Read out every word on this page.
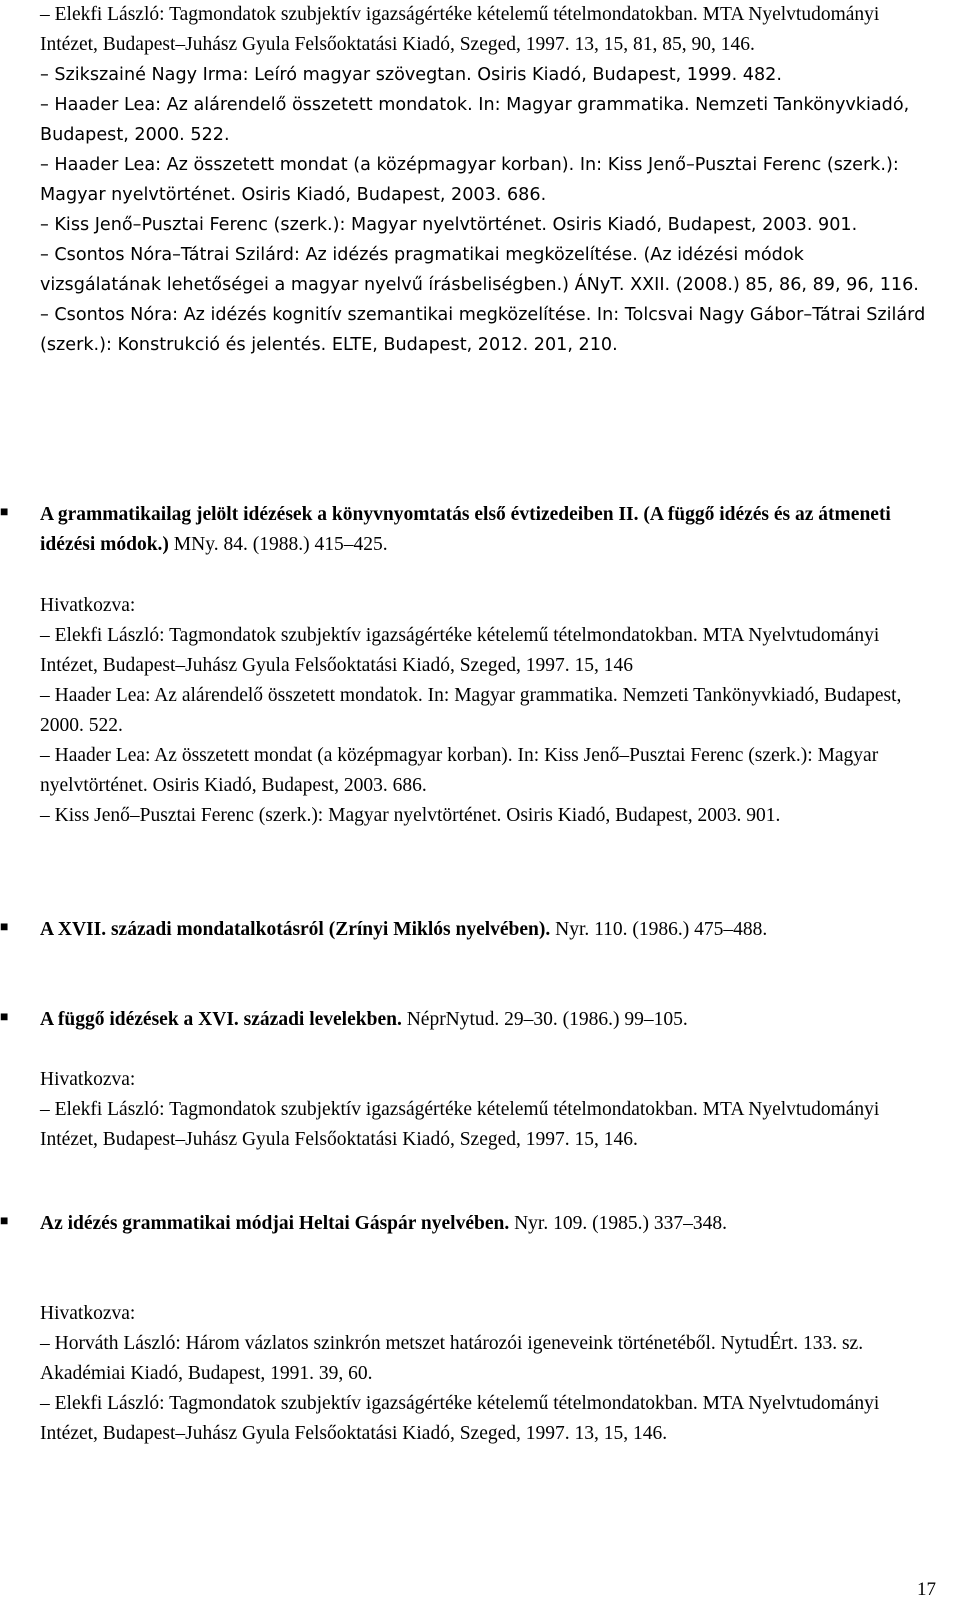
– Elekfi László: Tagmondatok szubjektív igazságértéke kételemű tételmondatokban. MTA Nyelvtudományi Intézet, Budapest–Juhász Gyula Felsőoktatási Kiadó, Szeged, 1997. 13, 15, 81, 85, 90, 146.

– Szikszainé Nagy Irma: Leíró magyar szövegtan. Osiris Kiadó, Budapest, 1999. 482.

– Haader Lea: Az alárendelő összetett mondatok. In: Magyar grammatika. Nemzeti Tankönyvkiadó, Budapest, 2000. 522.

– Haader Lea: Az összetett mondat (a középmagyar korban). In: Kiss Jenő–Pusztai Ferenc (szerk.): Magyar nyelvtörténet. Osiris Kiadó, Budapest, 2003. 686.

– Kiss Jenő–Pusztai Ferenc (szerk.): Magyar nyelvtörténet. Osiris Kiadó, Budapest, 2003. 901.

– Csontos Nóra–Tátrai Szilárd: Az idézés pragmatikai megközelítése. (Az idézési módok vizsgálatának lehetőségei a magyar nyelvű írásbeliségben.) ÁNyT. XXII. (2008.) 85, 86, 89, 96, 116.

– Csontos Nóra: Az idézés kognitív szemantikai megközelítése. In: Tolcsvai Nagy Gábor–Tátrai Szilárd (szerk.): Konstrukció és jelentés. ELTE, Budapest, 2012. 201, 210.

■ A grammatikailag jelölt idézések a könyvnyomtatás első évtizedeiben II. (A függő idézés és az átmeneti idézési módok.) MNy. 84. (1988.) 415–425.
Hivatkozva:

– Elekfi László: Tagmondatok szubjektív igazságértéke kételemű tételmondatokban. MTA Nyelvtudományi Intézet, Budapest–Juhász Gyula Felsőoktatási Kiadó, Szeged, 1997. 15, 146

– Haader Lea: Az alárendelő összetett mondatok. In: Magyar grammatika. Nemzeti Tankönyvkiadó, Budapest, 2000. 522.

– Haader Lea: Az összetett mondat (a középmagyar korban). In: Kiss Jenő–Pusztai Ferenc (szerk.): Magyar nyelvtörténet. Osiris Kiadó, Budapest, 2003. 686.

– Kiss Jenő–Pusztai Ferenc (szerk.): Magyar nyelvtörténet. Osiris Kiadó, Budapest, 2003. 901.

■ A XVII. századi mondatalkotásról (Zrínyi Miklós nyelvében). Nyr. 110. (1986.) 475–488.
■ A függő idézések a XVI. századi levelekben. NéprNytud. 29–30. (1986.) 99–105.
Hivatkozva:

– Elekfi László: Tagmondatok szubjektív igazságértéke kételemű tételmondatokban. MTA Nyelvtudományi Intézet, Budapest–Juhász Gyula Felsőoktatási Kiadó, Szeged, 1997. 15, 146.

■ Az idézés grammatikai módjai Heltai Gáspár nyelvében. Nyr. 109. (1985.) 337–348.
Hivatkozva:

– Horváth László: Három vázlatos szinkrón metszet határozói igeneveink történetéből. NytudÉrt. 133. sz. Akadémiai Kiadó, Budapest, 1991. 39, 60.

– Elekfi László: Tagmondatok szubjektív igazságértéke kételemű tételmondatokban. MTA Nyelvtudományi Intézet, Budapest–Juhász Gyula Felsőoktatási Kiadó, Szeged, 1997. 13, 15, 146.

17
